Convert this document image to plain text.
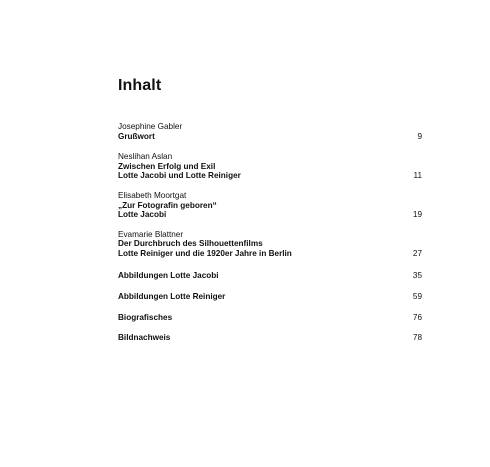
Inhalt
Josephine Gabler
Grußwort	9
Neslihan Aslan
Zwischen Erfolg und Exil
Lotte Jacobi und Lotte Reiniger	11
Elisabeth Moortgat
„Zur Fotografin geboren“
Lotte Jacobi	19
Evamarie Blattner
Der Durchbruch des Silhouettenfilms
Lotte Reiniger und die 1920er Jahre in Berlin	27
Abbildungen Lotte Jacobi	35
Abbildungen Lotte Reiniger	59
Biografisches	76
Bildnachweis	78
